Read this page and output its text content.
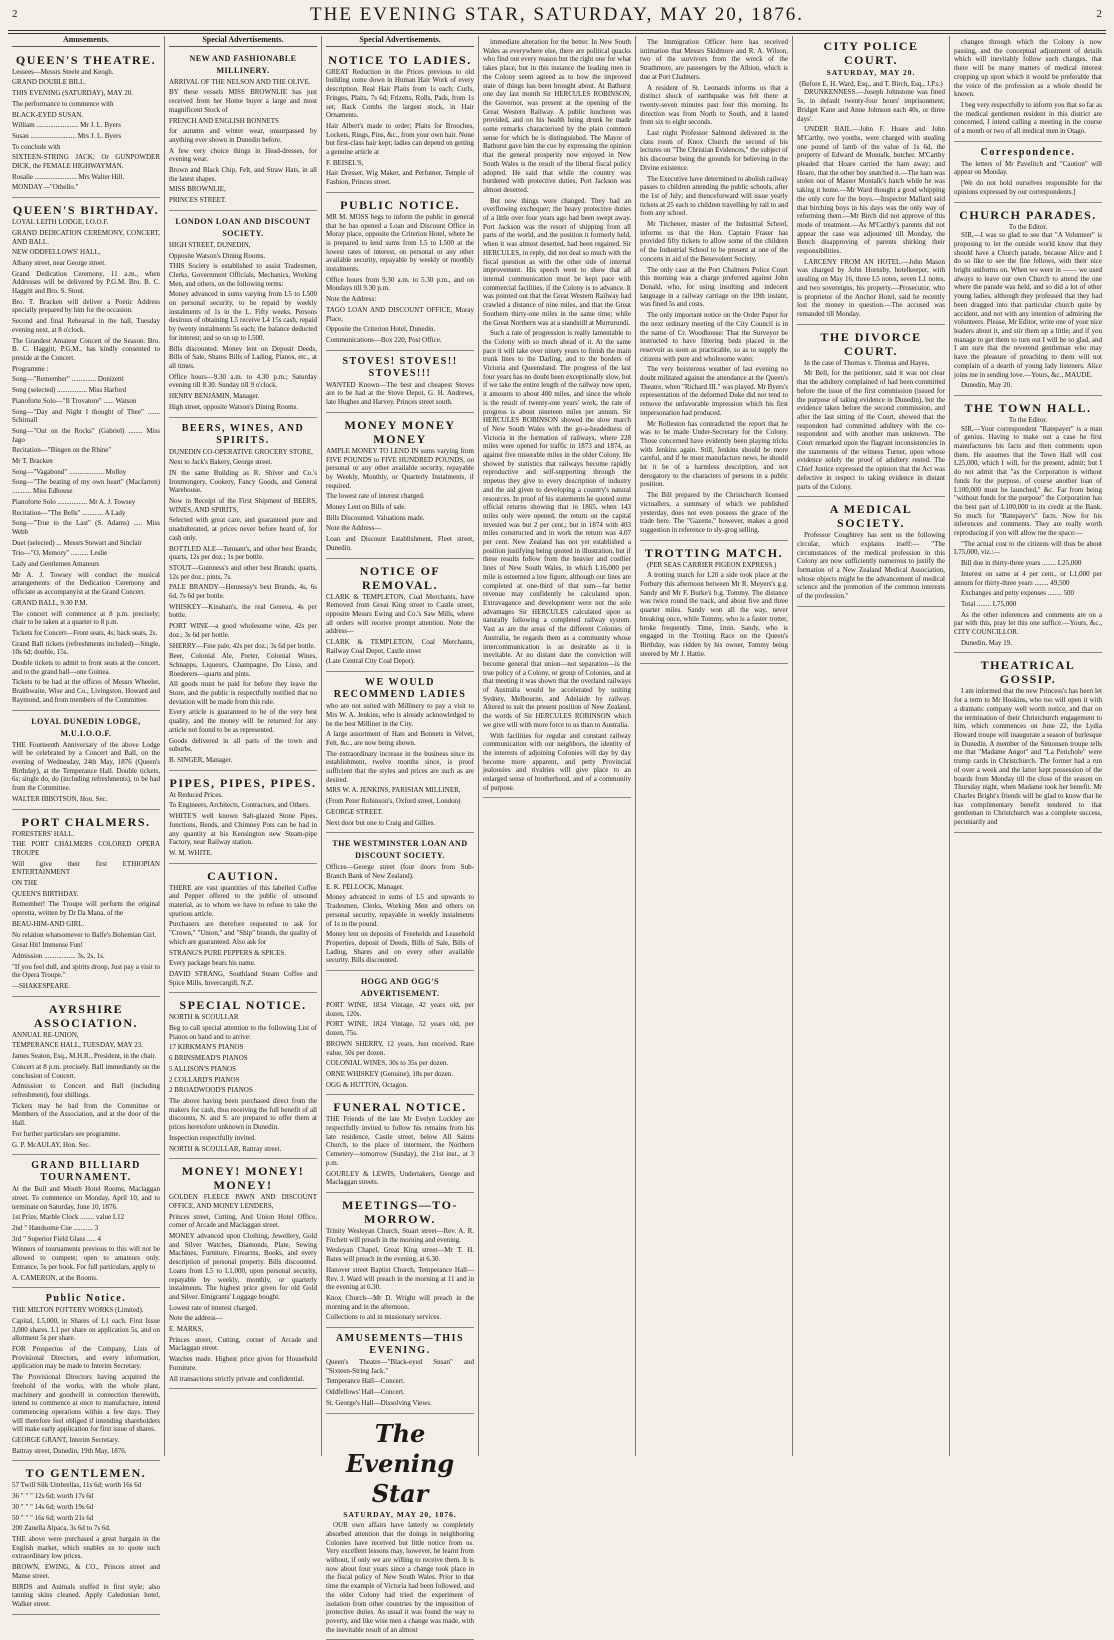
2	THE EVENING STAR, SATURDAY, MAY 20, 1876.	2
Amusements.
QUEEN'S THEATRE.

Lessees—Messrs Steele and Keogh.

GRAND DOUBLE BILL.

THIS EVENING (SATURDAY), MAY 20.

The performance to commence with

BLACK-EYED SUSAN.

William ........................ Mr J. L. Byers

Susan .......................... Mrs J. L. Byers

To conclude with

SIXTEEN-STRING JACK; Or GUNPOWDER DICK, the FEMALE HIGHWAYMAN.

Rosalie ........................ Mrs Walter Hill.

MONDAY—"Othello."

QUEEN'S BIRTHDAY.

LOYAL LEITH LODGE, I.O.O.F.

GRAND DEDICATION CEREMONY, CONCERT, AND BALL.

NEW ODDFELLOWS' HALL,

Albany street, near George street.

Grand Dedication Ceremony, 11 a.m., when Addresses will be delivered by P.G.M. Bro. B. C. Haggitt and Bro. S. Stout.

Bro. T. Bracken will deliver a Poetic Address specially prepared by him for the occasion.

Second and final Rehearsal in the hall, Tuesday evening next, at 8 o'clock.

The Grandest Amateur Concert of the Season. Bro. B. C. Haggitt, P.G.M., has kindly consented to preside at the Concert.

Programme :

Song—"Remember" .............. Donizetti

Song (selected) ................. Miss Harford

Pianoforte Solo—"Il Trovatore" ...... Watson

Song—"Day and Night I thought of Thee" ....... Schirnall

Song—"Out on the Rocks" (Gabriel) ........ Miss Jago

Recitation—"Bingen on the Rhine"

Mr T. Bracken

Song—"Vagabond" .................... Molloy

Song—"The beating of my own heart" (Macfarren) ........... Miss Edhouse

Pianoforte Solo ................. Mr A. J. Towsey

Recitation—"The Bells" ............ A Lady

Song—"True to the Last" (S. Adams) ..... Miss Webb

Duet (selected) ... Messrs Stewart and Sinclair

Trio—"O, Memory" .......... Leslie

Lady and Gentlemen Amateurs

Mr A. J. Towsey will conduct the musical arrangements of the Dedication Ceremony and officiate as accompanyist at the Grand Concert.

GRAND BALL, 9.30 P.M.

The concert will commence at 8 p.m. precisely; chair to be taken at a quarter to 8 p.m.

Tickets for Concert—Front seats, 4s; back seats, 2s.

Grand Ball tickets (refreshments included)—Single, 10s 6d; double, 15s.

Double tickets to admit to front seats at the concert, and to the grand ball—one Guinea.

Tickets to be had at the offices of Messrs Wheeler, Braithwaite, Wise and Co., Livingston, Howard and Raymond, and from members of the Committee.

LOYAL DUNEDIN LODGE, M.U.I.O.O.F.

THE Fourteenth Anniversary of the above Lodge will be celebrated by a Concert and Ball, on the evening of Wednesday, 24th May, 1876 (Queen's Birthday), at the Temperance Hall. Double tickets, 6s; single do, do (including refreshments), to be had from the Committee.

WALTER IBBOTSON, Hon. Sec.

PORT CHALMERS.

FORESTERS' HALL.

THE PORT CHALMERS COLORED OPERA TROUPE

Will give their first ETHIOPIAN ENTERTAINMENT

ON THE

QUEEN'S BIRTHDAY.

Remember! The Troupe will perform the original operetta, written by Dr Da Mana, of the

BEAU-HIM-AND GIRL.

No relation whatsomever to Balfe's Bohemian Girl.

Great Hit! Immense Fun!

Admission .................. 3s, 2s, 1s.

"If you feel dull, and spirits droop, Just pay a visit to the Opera Troupe."

—SHAKESPEARE.

AYRSHIRE ASSOCIATION.

ANNUAL RE-UNION,

TEMPERANCE HALL, TUESDAY, MAY 23.

James Seaton, Esq., M.H.R., President, in the chair.

Concert at 8 p.m. precisely. Ball immediately on the conclusion of Concert.

Admission to Concert and Ball (including refreshment), four shillings.

Tickets may be had from the Committee or Members of the Association, and at the door of the Hall.

For further particulars see programme.

G. P. McAULAY, Hon. Sec.

GRAND BILLIARD TOURNAMENT.

At the Bull and Mouth Hotel Rooms, Maclaggan street. To commence on Monday, April 10, and to terminate on Saturday, June 10, 1876.

1st Prize, Marble Clock ........ value L12

2nd " Handsome Cue ........... 3

3rd " Superior Field Glass ..... 4

Winners of tournaments previous to this will not be allowed to compete; open to amateurs only. Entrance, 5s per book. For full particulars, apply to

A. CAMERON, at the Rooms.

Public Notice.

THE MILTON POTTERY WORKS (Limited).

Capital, L5,000, in Shares of L1 each. First Issue 3,000 shares. L1 per share on application 5s, and on allotment 5s per share.

FOR Prospectus of the Company, Lists of Provisional Directors, and every information, application may be made to Interim Secretary.

The Provisional Directors having acquired the freehold of the works, with the whole plant, machinery and goodwill in connection therewith, intend to commence at once to manufacture, intend commencing operations within a few days. They will therefore feel obliged if intending shareholders will make early application for first issue of shares.

GEORGE GRANT, Interim Secretary.

Battray street, Dunedin, 19th May, 1876.

TO GENTLEMEN.

57 Twill Silk Umbrellas, 11s 6d; worth 16s 6d

36 " " " 12s 6d; worth 17s 6d

30 " " " 14s 6d; worth 19s 6d

50 " " " 16s 6d; worth 21s 6d

200 Zanella Alpaca, 3s 6d to 7s 6d.

THE above were purchased a great bargain in the English market, which enables us to quote such extraordinary low prices.

BROWN, EWING, & CO., Princes street and Manse street.

BIRDS and Animals stuffed in first style; also tanning skins cleaned. Apply Caledonian hotel, Walker street.

Special Advertisements.
NEW AND FASHIONABLE MILLINERY.

ARRIVAL OF THE NELSON AND THE OLIVE.

BY these vessels MISS BROWNLIE has just received from her Home buyer a large and most magnificent Stock of

FRENCH AND ENGLISH BONNETS

for autumn and winter wear, unsurpassed by anything ever shown in Dunedin before.

A few very choice things in Head-dresses, for evening wear.

Brown and Black Chip, Felt, and Straw Hats, in all the latest shapes.

MISS BROWNLIE,

PRINCES STREET.

LONDON LOAN AND DISCOUNT SOCIETY.

HIGH STREET, DUNEDIN,

Opposite Watson's Dining Rooms.

THIS Society is established to assist Tradesmen, Clerks, Government Officials, Mechanics, Working Men, and others, on the following terms:

Money advanced in sums varying from L5 to L500 on personal security, to be repaid by weekly instalments of 1s in the L. Fifty weeks. Persons desirous of obtaining L5 receive L4 15s cash, repaid by twenty instalments 5s each; the balance deducted for interest; and so on up to L500.

Bills discounted. Money lent on Deposit Deeds, Bills of Sale, Shares Bills of Lading, Pianos, etc., at all times.

Office hours—9.30 a.m. to 4.30 p.m.; Saturday evening till 8.30. Sunday till 9 o'clock.

HENRY BENJAMIN, Manager.

High street, opposite Watson's Dining Rooms.

BEERS, WINES, AND SPIRITS.

DUNEDIN CO-OPERATIVE GROCERY STORE,

Next to Jack's Bakery, George street.

IN the same Building as R. Shiver and Co.'s Ironmongery, Cookery, Fancy Goods, and General Warehouse.

Now in Receipt of the First Shipment of BEERS, WINES, AND SPIRITS,

Selected with great care, and guaranteed pure and unadulterated, at prices never before heard of, for cash only.

BOTTLED ALE—Tennant's, and other best Brands; quarts, 12s per doz.; 1s per bottle.

STOUT—Guinness's and other best Brands; quarts, 12s per doz.; pints, 7s.

PALE BRANDY—Hennessy's best Brands, 4s, 6s 6d, 7s 6d per bottle.

WHISKEY—Kinahan's, the real Geneva, 4s per bottle.

PORT WINE—a good wholesome wine, 42s per doz.; 3s 6d per bottle.

SHERRY—Fine pale, 42s per doz.; 3s 6d per bottle.

Beer, Colonial Ale, Porter, Colonial Wines, Schnapps, Liqueurs, Champagne, Do Lisso, and Roederers—quarts and pints.

All goods must be paid for before they leave the Store, and the public is respectfully notified that no deviation will be made from this rule.

Every article is guaranteed to be of the very best quality, and the money will be returned for any article not found to be as represented.

Goods delivered in all parts of the town and suburbs.

B. SINGER, Manager.

PIPES, PIPES, PIPES.

At Reduced Prices.

To Engineers, Architects, Contractors, and Others.

WHITE'S well known Salt-glazed Stone Pipes, Junctions, Bends, and Chimney Pots can be had in any quantity at his Kensington new Steam-pipe Factory, near Railway station.

W. M. WHITE.

CAUTION.

THERE are vast quantities of this labelled Coffee and Pepper offered to the public of unsound material, as to whom we have to refuse to take the spurious article.

Purchasers are therefore requested to ask for "Crown," "Union," and "Ship" brands, the quality of which are guaranteed. Also ask for

STRANG'S PURE PEPPERS & SPICES.

Every package bears his name.

DAVID STRANG, Southland Steam Coffee and Spice Mills, Invercargill, N.Z.

SPECIAL NOTICE.

NORTH & SCOULLAR

Beg to call special attention to the following List of Pianos on hand and to arrive:

17 KIRKMAN'S PIANOS

6 BRINSMEAD'S PIANOS

5 ALLISON'S PIANOS

2 COLLARD'S PIANOS

2 BROADWOOD'S PIANOS

The above having been purchased direct from the makers for cash, thus receiving the full benefit of all discounts, N. and S. are prepared to offer them at prices heretofore unknown in Dunedin.

Inspection respectfully invited.

NORTH & SCOULLAR, Rattray street.

MONEY! MONEY! MONEY!

GOLDEN FLEECE PAWN AND DISCOUNT OFFICE, AND MONEY LENDERS,

Princes street, Cutting, And Union Hotel Office, corner of Arcade and Maclaggan street.

MONEY advanced upon Clothing, Jewellery, Gold and Silver Watches, Diamonds, Plate, Sewing Machines, Furniture, Firearms, Books, and every description of personal property. Bills discounted. Loans from L5 to L1,000, upon personal security, repayable by weekly, monthly, or quarterly instalments. The highest price given for old Gold and Silver. Emigrants' Luggage bought.

Lowest rate of interest charged.

Note the address—

E. MARKS,

Princes street, Cutting, corner of Arcade and Maclaggan street.

Watches made. Highest price given for Household Furniture.

All transactions strictly private and confidential.

Special Advertisements.
NOTICE TO LADIES.

GREAT Reduction in the Prices previous to old building come down in Human Hair Work of every description. Real Hair Plaits from 1s each; Curls, Fringes, Plaits, 7s 6d; Frizetts, Rolls, Pads, from 1s set; Back Combs the largest stock, in Hair Ornaments.

Hair Albert's made to order; Plaits for Brooches, Lockets, Rings, Pins, &c., from your own hair. None but first-class hair kept; ladies can depend on getting a genuine article at

F. BEISEL'S,

Hair Dresser, Wig Maker, and Perfumer, Temple of Fashion, Princes street.

PUBLIC NOTICE.

MR M. MOSS begs to inform the public in general that he has opened a Loan and Discount Office in Moray place, opposite the Criterion Hotel, where he is prepared to lend sums from L5 to L500 at the lowest rates of interest, on personal or any other available security, repayable by weekly or monthly instalments.

Office hours from 9.30 a.m. to 5.30 p.m., and on Mondays till 9.30 p.m.

Note the Address:

TAGO LOAN AND DISCOUNT OFFICE, Moray Place,

Opposite the Criterion Hotel, Dunedin.

Communications—Box 220, Post Office.

STOVES! STOVES!! STOVES!!!

WANTED Known—The best and cheapest Stoves are to be had at the Stove Depot, G. H. Andrews, late Hughes and Harvey, Princes street south.

MONEY MONEY MONEY

AMPLE MONEY TO LEND IN sums varying from FIVE POUNDS to FIVE HUNDRED POUNDS, on personal or any other available security, repayable by Weekly, Monthly, or Quarterly Instalments, if required.

The lowest rate of interest charged.

Money Lent on Bills of sale.

Bills Discounted. Valuations made.

Note the Address—

Loan and Discount Establishment, Fleet street, Dunedin.

NOTICE OF REMOVAL.

CLARK & TEMPLETON, Coal Merchants, have Removed from Great King street to Castle street, opposite Messrs Ewing and Co.'s Saw Mills, where all orders will receive prompt attention. Note the address—

CLARK & TEMPLETON, Coal Merchants, Railway Coal Depot, Castle street

(Late Central City Coal Depot).

WE WOULD RECOMMEND LADIES

who are not suited with Millinery to pay a visit to Mrs W. A. Jenkins, who is already acknowledged to be the best Milliner in the City.

A large assortment of Hats and Bonnets in Velvet, Felt, &c., are now being shown.

The extraordinary increase in the business since its establishment, twelve months since, is proof sufficient that the styles and prices are such as are desired.

MRS W. A. JENKINS, PARISIAN MILLINER,

(From Peter Robinson's, Oxford street, London)

GEORGE STREET.

Next door but one to Craig and Gillies.

THE WESTMINSTER LOAN AND DISCOUNT SOCIETY.

Offices—George street (four doors from Sub-Branch Bank of New Zealand).

E. K. PELLOCK, Manager.

Money advanced in sums of L5 and upwards to Tradesmen, Clerks, Working Men and others on personal security, repayable in weekly instalments of 1s in the pound.

Money lent on deposits of Freeholds and Leasehold Properties, deposit of Deeds, Bills of Sale, Bills of Lading, Shares and on every other available security. Bills discounted.

HOGG AND OGG'S ADVERTISEMENT.

PORT WINE, 1834 Vintage, 42 years old, per dozen, 120s.

PORT WINE, 1824 Vintage, 52 years old, per dozen, 75s.

BROWN SHERRY, 12 years, Just received. Rare value, 50s per dozen.

COLONIAL WINES, 30s to 35s per dozen.

ORNE WHISKEY (Genuine), 18s per dozen.

OGG & HUTTON, Octagon.

FUNERAL NOTICE.

THE Friends of the late Mr Evelyn Lockley are respectfully invited to follow his remains from his late residence, Castle street, below All Saints Church, to the place of interment, the Northern Cemetery—tomorrow (Sunday), the 21st inst., at 3 p.m.

GOURLEY & LEWIS, Undertakers, George and Maclaggan streets.

MEETINGS—TO-MORROW.

Trinity Wesleyan Church, Stuart street—Rev. A. R. Fitchett will preach in the morning and evening.

Wesleyan Chapel, Great King street—Mr T. H. Bates will preach in the evening, at 6.30.

Hanover street Baptist Church, Temperance Hall—Rev. J. Ward will preach in the morning at 11 and in the evening at 6.30.

Knox Church—Mr D. Wright will preach in the morning and in the afternoon.

Collections to aid in missionary services.

AMUSEMENTS—THIS EVENING.

Queen's Theatre—"Black-eyed Susan" and "Sixteen-String Jack."

Temperance Hall—Concert.

Oddfellows' Hall—Concert.

St. George's Hall—Dissolving Views.

The Evening Star
SATURDAY, MAY 20, 1876.

OUR own affairs have latterly so completely absorbed attention that the doings in neighboring Colonies have received but little notice from us. Very excellent lessons may, however, be learnt from without, if only we are willing to receive them. It is now about four years since a change took place in the fiscal policy of New South Wales. Prior to that time the example of Victoria had been followed, and the older Colony had tried the experiment of isolation from other countries by the imposition of protective duties. As usual it was found the way to poverty, and like wise men a change was made, with the inevitable result of an almost

immediate alteration for the better. In New South Wales as everywhere else, there are political quacks who find out every reason but the right one for what takes place, but in this instance the leading men in the Colony seem agreed as to how the improved state of things has been brought about. At Bathurst one day last month Sir HERCULES ROBINSON, the Governor, was present at the opening of the Great Western Railway. A public luncheon was provided, and on his health being drunk he made some remarks characterised by the plain common sense for which he is distinguished. The Mayor of Bathurst gave him the cue by expressing the opinion that the general prosperity now enjoyed in New South Wales is the result of the liberal fiscal policy adopted. He said that while the country was burdened with protective duties, Port Jackson was almost deserted.

But now things were changed. They had an overflowing exchequer; the heavy protective duties of a little over four years ago had been swept away. Port Jackson was the resort of shipping from all parts of the world, and the position it formerly held, when it was almost deserted, had been regained. Sir HERCULES, in reply, did not deal so much with the fiscal question as with the other side of internal improvement. His speech went to show that all internal communication must be kept pace with commercial facilities, if the Colony is to advance. It was pointed out that the Great Western Railway had crawled a distance of nine miles, and that the Great Southern thirty-one miles in the same time; while the Great Northern was at a standstill at Murrurundi.

Such a rate of progression is really lamentable to the Colony with so much ahead of it. At the same pace it will take over ninety years to finish the main trunk lines to the Darling, and to the borders of Victoria and Queensland. The progress of the last four years has no doubt been exceptionally slow, but if we take the entire length of the railway now open, it amounts to about 400 miles, and since the whole is the result of twenty-one years' work, the rate of progress is about nineteen miles per annum. Sir HERCULES ROBINSON showed the slow march of New South Wales with the go-a-headedness of Victoria in the formation of railways, where 228 miles were opened for traffic in 1873 and 1874, as against five miserable miles in the older Colony. He showed by statistics that railways become rapidly reproductive and self-supporting through the impetus they give to every description of industry and the aid given to developing a country's natural resources. In proof of his statements he quoted some official returns showing that in 1865, when 143 miles only were opened, the return on the capital invested was but 2 per cent.; but in 1874 with 403 miles constructed and in work the return was 4.07 per cent. New Zealand has not yet established a position justifying being quoted in illustration, but if these results follow from the heavier and costlier lines of New South Wales, in which L16,000 per mile is esteemed a low figure, although our lines are completed at one-third of that sum—far better revenue may confidently be calculated upon. Extravagance and development were not the sole advantages Sir HERCULES calculated upon as naturally following a completed railway system. Vast as are the areas of the different Colonies of Australia, he regards them as a community whose intercommunication is as desirable as it is inevitable. At no distant date the conviction will become general that union—not separation—is the true policy of a Colony, or group of Colonies, and at that meeting it was shown that the overland railways of Australia would be accelerated by uniting Sydney, Melbourne, and Adelaide by railway. Altered to suit the present position of New Zealand, the words of Sir HERCULES ROBINSON which we give will with more force to us than to Australia.

With facilities for regular and constant railway communication with our neighbors, the identity of the interests of adjoining Colonies will day by day become more apparent, and petty Provincial jealousies and rivalries will give place to an enlarged sense of brotherhood, and of a community of purpose.

The Immigration Officer here has received intimation that Messrs Skidmore and R. A. Wilson, two of the survivors from the wreck of the Strathmore, are passengers by the Albion, which is due at Port Chalmers.

A resident of St. Leonards informs us that a distinct shock of earthquake was felt there at twenty-seven minutes past four this morning. Its direction was from North to South, and it lasted from six to eight seconds.

Last night Professor Salmond delivered in the class room of Knox Church the second of his lectures on "The Christian Evidences," the subject of his discourse being the grounds for believing in the Divine existence.

The Executive have determined to abolish railway passes to children attending the public schools, after the 1st of July; and thenceforward will issue yearly tickets at 25 each to children travelling by rail to and from any school.

Mr Titchener, master of the Industrial School, informs us that the Hon. Captain Fraser has provided fifty tickets to allow some of the children of the Industrial School to be present at one of the concerts in aid of the Benevolent Society.

The only case at the Port Chalmers Police Court this morning was a charge preferred against John Donald, who, for using insulting and indecent language in a railway carriage on the 19th instant, was fined 5s and costs.

The only important notice on the Order Paper for the next ordinary meeting of the City Council is in the name of Cr. Woodhouse: That the Surveyor be instructed to have filtering beds placed in the reservoir as soon as practicable, so as to supply the citizens with pure and wholesome water.

The very boisterous weather of last evening no doubt militated against the attendance at the Queen's Theatre, when "Richard III." was played. Mr Byers's representation of the deformed Duke did not tend to remove the unfavorable impression which his first impersonation had produced.

Mr Rolleston has contradicted the report that he was to be made Under-Secretary for the Colony. Those concerned have evidently been playing tricks with Jenkins again. Still, Jenkins should be more careful, and if he must manufacture news, he should let it be of a harmless description, and not derogatory to the characters of persons in a public position.

The Bill prepared by the Christchurch licensed victuallers, a summary of which we published yesterday, does not even possess the grace of the trade here. The "Gazette," however, makes a good suggestion in reference to sly-grog selling.

TROTTING MATCH.

(PER SEAS CARRIER PIGEON EXPRESS.)

A trotting match for L20 a side took place at the Forbury this afternoon between Mr R. Meyers's g.g. Sandy and Mr F. Burke's b.g. Tommy. The distance was twice round the track, and about five and three quarter miles. Sandy won all the way, never breaking once, while Tommy, who is a faster trotter, broke frequently. Time, 1min. Sandy, who is engaged in the Trotting Race on the Queen's Birthday, was ridden by his owner, Tommy being steered by Mr J. Hattie.

CITY POLICE COURT.
SATURDAY, MAY 20.
(Before E. H. Ward, Esq., and T. Birch, Esq., J.P.s.)

DRUNKENNESS.—Joseph Johnstone was fined 5s, in default twenty-four hours' imprisonment; Bridget Kane and Anne Johnson each 40s, or three days'.

UNDER BAIL.—John F. Hoare and John M'Carthy, two youths, were charged with stealing one pound of lamb of the value of 1s 6d, the property of Edward de Montalk, butcher. M'Carthy pleaded that Hoare carried the ham away; and Hoare, that the other boy snatched it.—The ham was stolen out of Master Montalk's hatch while he was taking it home.—Mr Ward thought a good whipping the only cure for the boys.—Inspector Mallard said that birching boys in his days was the only way of reforming them.—Mr Birch did not approve of this mode of treatment.—As M'Carthy's parents did not appear the case was adjourned till Monday, the Bench disapproving of parents shirking their responsibilities.

LARCENY FROM AN HOTEL.—John Mason was charged by John Hornsby, hotelkeeper, with stealing on May 16, three L5 notes, seven L1 notes, and two sovereigns, his property.—Prosecutor, who is proprietor of the Anchor Hotel, said he recently lost the money in question.—The accused was remanded till Monday.

THE DIVORCE COURT.

In the case of Thomas v. Thomas and Hayes,

Mr Bell, for the petitioner, said it was not clear that the adultery complained of had been committed before the issue of the first commission (issued for the purpose of taking evidence in Dunedin), but the evidence taken before the second commission, and after the last sitting of the Court, showed that the respondent had committed adultery with the co-respondent and with another man unknown. The Court remarked upon the flagrant inconsistencies in the statements of the witness Turner, upon whose evidence solely the proof of adultery rested. The Chief Justice expressed the opinion that the Act was defective in respect to taking evidence in distant parts of the Colony.

A MEDICAL SOCIETY.

Professor Coughtrey has sent us the following circular, which explains itself:— "The circumstances of the medical profession in this Colony are now sufficiently numerous to justify the formation of a New Zealand Medical Association, whose objects might be the advancement of medical science and the promotion of the common interests of the profession."

changes through which the Colony is now passing, and the conceptual adjustment of details which will inevitably follow such changes, that there will be many matters of medical interest cropping up upon which it would be preferable that the voice of the profession as a whole should be known.

I beg very respectfully to inform you that so far as the medical gentlemen resident in this district are concerned, I intend calling a meeting in the course of a month or two of all medical men in Otago.

Correspondence.

The letters of Mr Pavelitch and "Caution" will appear on Monday.

[We do not hold ourselves responsible for the opinions expressed by our correspondents.]

CHURCH PARADES.
To the Editor.

SIR,—I was so glad to see that "A Volunteer" is proposing to let the outside world know that they should have a Church parade, because Alice and I do so like to see the fine fellows, with their nice bright uniforms on. When we were in —— we used always to leave our own Church to attend the one where the parade was held, and so did a lot of other young ladies, although they professed that they had been dragged into that particular church quite by accident, and not with any intention of admiring the volunteers. Please, Mr Editor, write one of your nice leaders about it, and stir them up a little; and if you manage to get them to turn out I will be so glad, and I am sure that the reverend gentleman who may have the pleasure of preaching to them will not complain of a dearth of young lady listeners. Alice joins me in sending love.—Yours, &c., MAUDE.

Dunedin, May 20.

THE TOWN HALL.
To the Editor.

SIR,—Your correspondent "Ratepayer" is a man of genius. Having to make out a case he first manufactures his facts and then comments upon them. He assumes that the Town Hall will cost L25,000, which I will, for the present, admit; but I do not admit that "as the Corporation is without funds for the purpose, of course another loan of L100,000 must be launched," &c. Far from being "without funds for the purpose" the Corporation has the best part of L100,000 to its credit at the Bank. So much for "Ratepayer's" facts. Now for his inferences and comments. They are really worth reproducing if you will allow me the space:—

"The actual cost to the citizens will thus be about L75,000, viz.:—

Bill due in thirty-three years ........ L25,000

Interest on same at 4 per cent., or L1,000 per annum for thirty-three years ........ 49,500

Exchanges and petty expenses ........ 500

Total ........ L75,000

As the other inferences and comments are on a par with this, pray let this one suffice.—Yours, &c., CITY COUNCILLOR.

Dunedin, May 19.

THEATRICAL GOSSIP.

I am informed that the new Princess's has been let for a term to Mr Hoskins, who too will open it with a dramatic company well worth notice, and that on the termination of their Christchurch engagement to him, which commences on June 22, the Lydia Howard troupe will inaugurate a season of burlesque in Dunedin. A member of the Simonsen troupe tells me that "Madame Angot" and "La Perichole" were trump cards in Christchurch. The former had a run of over a week and the latter kept possession of the boards from Monday till the close of the season on Thursday night, when Madame took her benefit. Mr Charles Bright's friends will be glad to know that he has complimentary benefit tendered to that gentleman in Christchurch was a complete success, pecuniarily and
